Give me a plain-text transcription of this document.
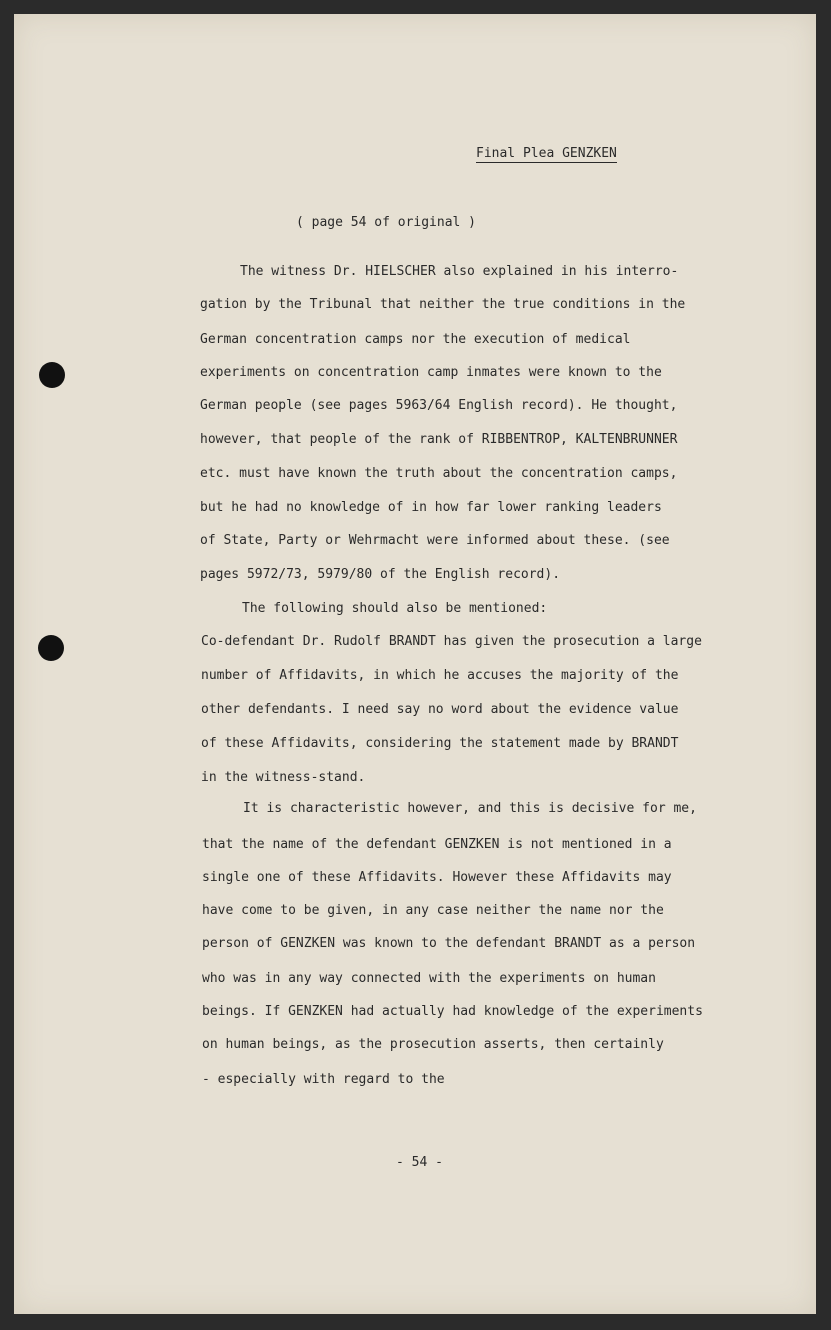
Final Plea GENZKEN

( page 54 of original )

The witness Dr. HIELSCHER also explained in his interro-

gation by the Tribunal that neither the true conditions in the

German concentration camps nor the execution of medical

experiments on concentration camp inmates were known to the

German people (see pages 5963/64 English record). He thought,

however, that people of the rank of RIBBENTROP, KALTENBRUNNER

etc. must have known the truth about the concentration camps,

but he had no knowledge of in how far lower ranking leaders

of State, Party or Wehrmacht were informed about these. (see

pages 5972/73, 5979/80 of the English record).

The following should also be mentioned:

Co-defendant Dr. Rudolf BRANDT has given the prosecution a large

number of Affidavits, in which he accuses the majority of the

other defendants. I need say no word about the evidence value

of these Affidavits, considering the statement made by BRANDT

in the witness-stand.

It is characteristic however, and this is decisive for me,

that the name of the defendant GENZKEN is not mentioned in a

single one of these Affidavits. However these Affidavits may

have come to be given, in any case neither the name nor the

person of GENZKEN was known to the defendant BRANDT as a person

who was in any way connected with the experiments on human

beings. If GENZKEN had actually had knowledge of the experiments

on human beings, as the prosecution asserts, then certainly

- especially with regard to the

- 54 -
